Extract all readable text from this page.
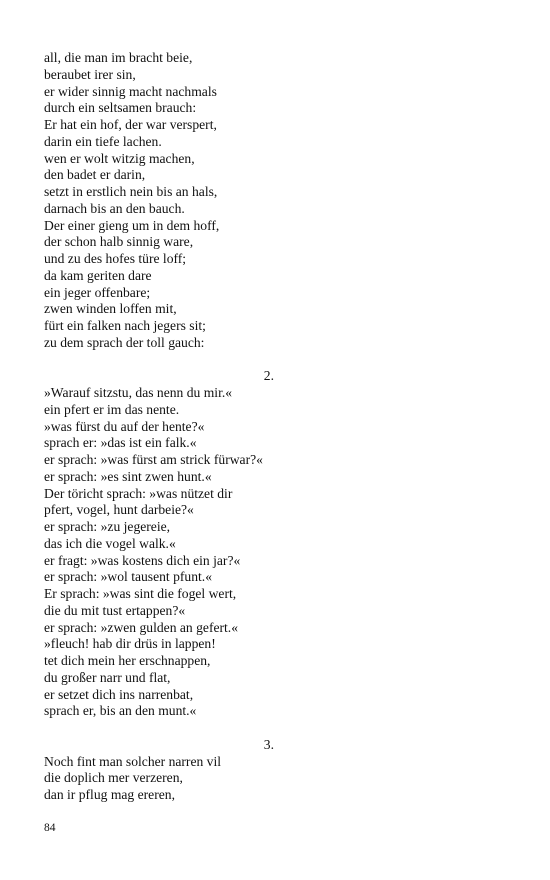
all, die man im bracht beie,
beraubet irer sin,
er wider sinnig macht nachmals
durch ein seltsamen brauch:
Er hat ein hof, der war verspert,
darin ein tiefe lachen.
wen er wolt witzig machen,
den badet er darin,
setzt in erstlich nein bis an hals,
darnach bis an den bauch.
Der einer gieng um in dem hoff,
der schon halb sinnig ware,
und zu des hofes türe loff;
da kam geriten dare
ein jeger offenbare;
zwen winden loffen mit,
fürt ein falken nach jegers sit;
zu dem sprach der toll gauch:
2.
»Warauf sitzstu, das nenn du mir.«
ein pfert er im das nente.
»was fürst du auf der hente?«
sprach er: »das ist ein falk.«
er sprach: »was fürst am strick fürwar?«
er sprach: »es sint zwen hunt.«
Der töricht sprach: »was nützet dir
pfert, vogel, hunt darbeie?«
er sprach: »zu jegereie,
das ich die vogel walk.«
er fragt: »was kostens dich ein jar?«
er sprach: »wol tausent pfunt.«
Er sprach: »was sint die fogel wert,
die du mit tust ertappen?«
er sprach: »zwen gulden an gefert.«
»fleuch! hab dir drüs in lappen!
tet dich mein her erschnappen,
du großer narr und flat,
er setzet dich ins narrenbat,
sprach er, bis an den munt.«
3.
Noch fint man solcher narren vil
die doplich mer verzeren,
dan ir pflug mag ereren,
84
